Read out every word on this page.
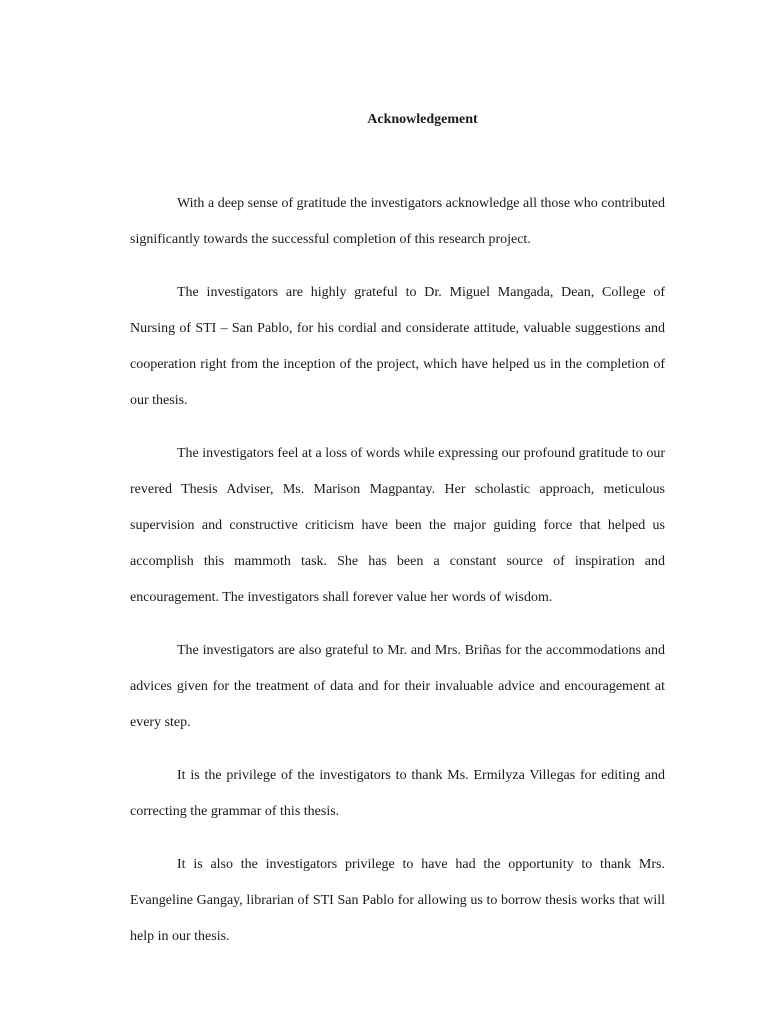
Acknowledgement

With a deep sense of gratitude the investigators acknowledge all those who contributed significantly towards the successful completion of this research project.

The investigators are highly grateful to Dr. Miguel Mangada, Dean, College of Nursing of STI – San Pablo, for his cordial and considerate attitude, valuable suggestions and cooperation right from the inception of the project, which have helped us in the completion of our thesis.

The investigators feel at a loss of words while expressing our profound gratitude to our revered Thesis Adviser, Ms. Marison Magpantay. Her scholastic approach, meticulous supervision and constructive criticism have been the major guiding force that helped us accomplish this mammoth task. She has been a constant source of inspiration and encouragement. The investigators shall forever value her words of wisdom.

The investigators are also grateful to Mr. and Mrs. Briñas for the accommodations and advices given for the treatment of data and for their invaluable advice and encouragement at every step.

It is the privilege of the investigators to thank Ms. Ermilyza Villegas for editing and correcting the grammar of this thesis.

It is also the investigators privilege to have had the opportunity to thank Mrs. Evangeline Gangay, librarian of STI San Pablo for allowing us to borrow thesis works that will help in our thesis.
